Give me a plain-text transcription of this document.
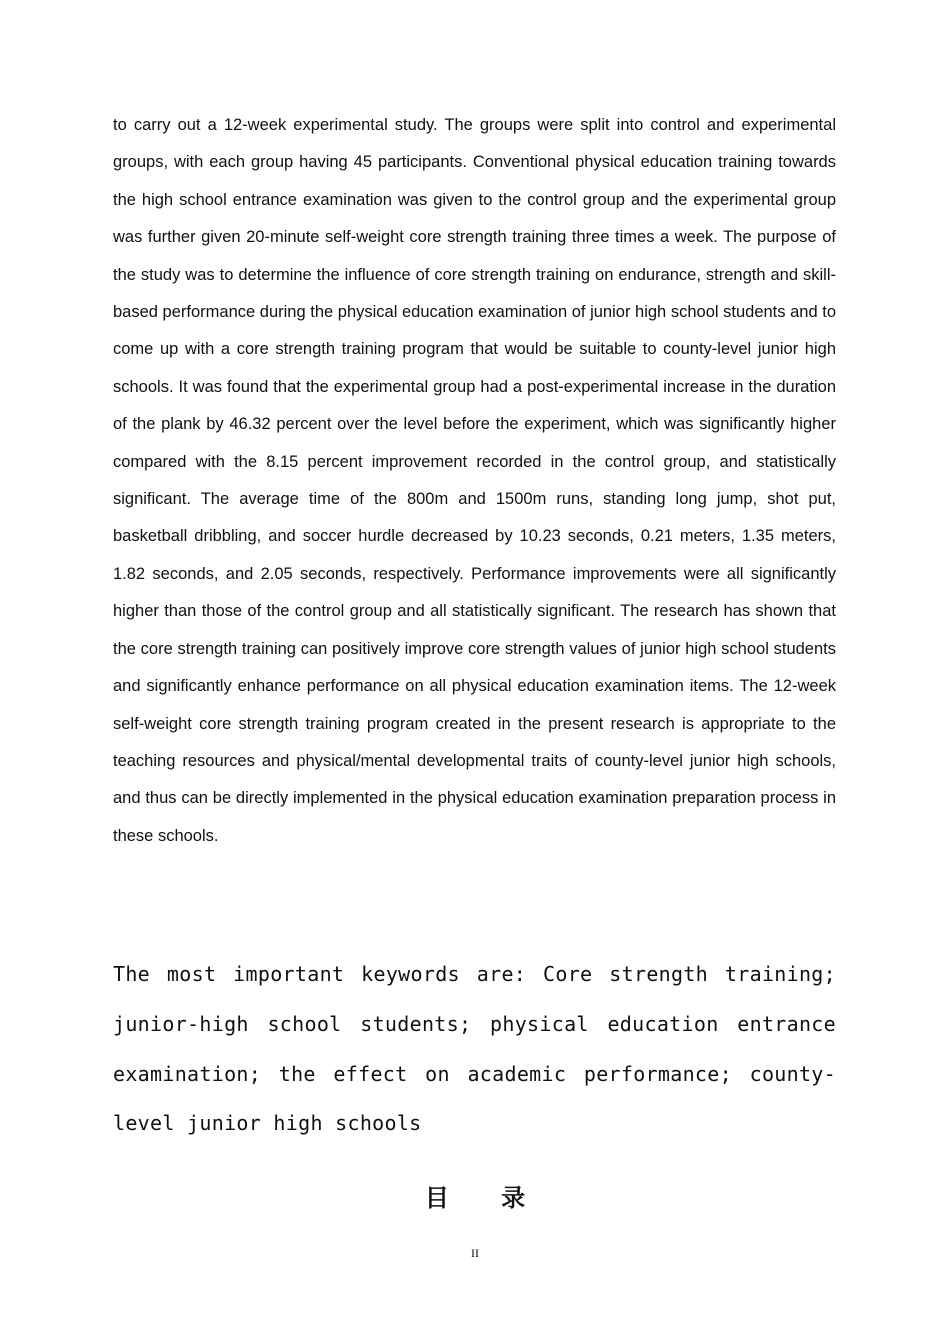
to carry out a 12-week experimental study. The groups were split into control and experimental groups, with each group having 45 participants. Conventional physical education training towards the high school entrance examination was given to the control group and the experimental group was further given 20-minute self-weight core strength training three times a week. The purpose of the study was to determine the influence of core strength training on endurance, strength and skill-based performance during the physical education examination of junior high school students and to come up with a core strength training program that would be suitable to county-level junior high schools. It was found that the experimental group had a post-experimental increase in the duration of the plank by 46.32 percent over the level before the experiment, which was significantly higher compared with the 8.15 percent improvement recorded in the control group, and statistically significant. The average time of the 800m and 1500m runs, standing long jump, shot put, basketball dribbling, and soccer hurdle decreased by 10.23 seconds, 0.21 meters, 1.35 meters, 1.82 seconds, and 2.05 seconds, respectively. Performance improvements were all significantly higher than those of the control group and all statistically significant. The research has shown that the core strength training can positively improve core strength values of junior high school students and significantly enhance performance on all physical education examination items. The 12-week self-weight core strength training program created in the present research is appropriate to the teaching resources and physical/mental developmental traits of county-level junior high schools, and thus can be directly implemented in the physical education examination preparation process in these schools.

The most important keywords are: Core strength training; junior-high school students; physical education entrance examination; the effect on academic performance; county-level junior high schools

目 录
II
